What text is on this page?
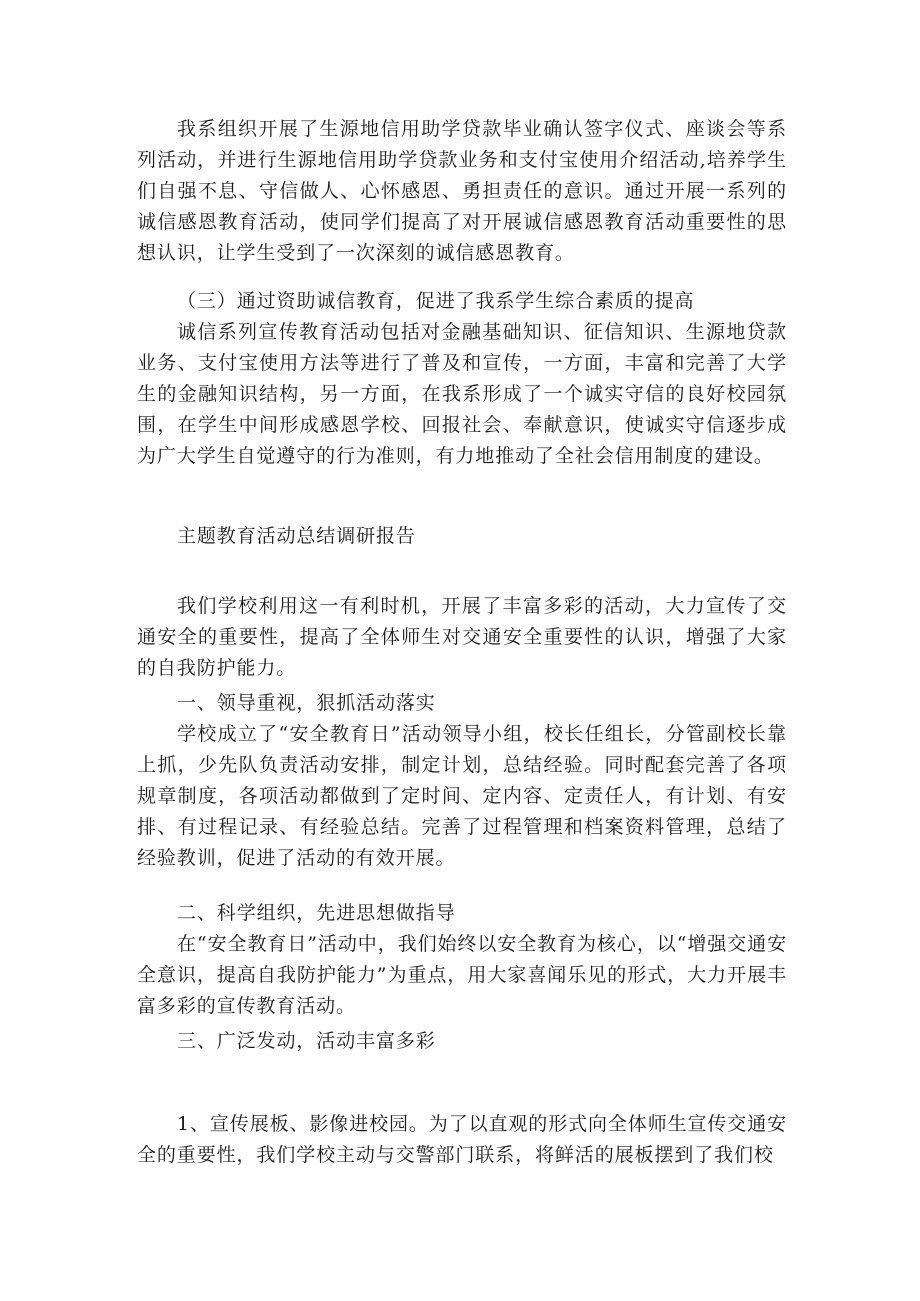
我系组织开展了生源地信用助学贷款毕业确认签字仪式、座谈会等系列活动，并进行生源地信用助学贷款业务和支付宝使用介绍活动,培养学生们自强不息、守信做人、心怀感恩、勇担责任的意识。通过开展一系列的诚信感恩教育活动，使同学们提高了对开展诚信感恩教育活动重要性的思想认识，让学生受到了一次深刻的诚信感恩教育。

（三）通过资助诚信教育，促进了我系学生综合素质的提高

诚信系列宣传教育活动包括对金融基础知识、征信知识、生源地贷款业务、支付宝使用方法等进行了普及和宣传，一方面，丰富和完善了大学生的金融知识结构，另一方面，在我系形成了一个诚实守信的良好校园氛围，在学生中间形成感恩学校、回报社会、奉献意识，使诚实守信逐步成为广大学生自觉遵守的行为准则，有力地推动了全社会信用制度的建设。

主题教育活动总结调研报告

我们学校利用这一有利时机，开展了丰富多彩的活动，大力宣传了交通安全的重要性，提高了全体师生对交通安全重要性的认识，增强了大家的自我防护能力。

一、领导重视，狠抓活动落实

学校成立了“安全教育日”活动领导小组，校长任组长，分管副校长靠上抓，少先队负责活动安排，制定计划，总结经验。同时配套完善了各项规章制度，各项活动都做到了定时间、定内容、定责任人，有计划、有安排、有过程记录、有经验总结。完善了过程管理和档案资料管理，总结了经验教训，促进了活动的有效开展。

二、科学组织，先进思想做指导

在“安全教育日”活动中，我们始终以安全教育为核心，以“增强交通安全意识，提高自我防护能力”为重点，用大家喜闻乐见的形式，大力开展丰富多彩的宣传教育活动。

三、广泛发动，活动丰富多彩

1、宣传展板、影像进校园。为了以直观的形式向全体师生宣传交通安全的重要性，我们学校主动与交警部门联系，将鲜活的展板摆到了我们校
